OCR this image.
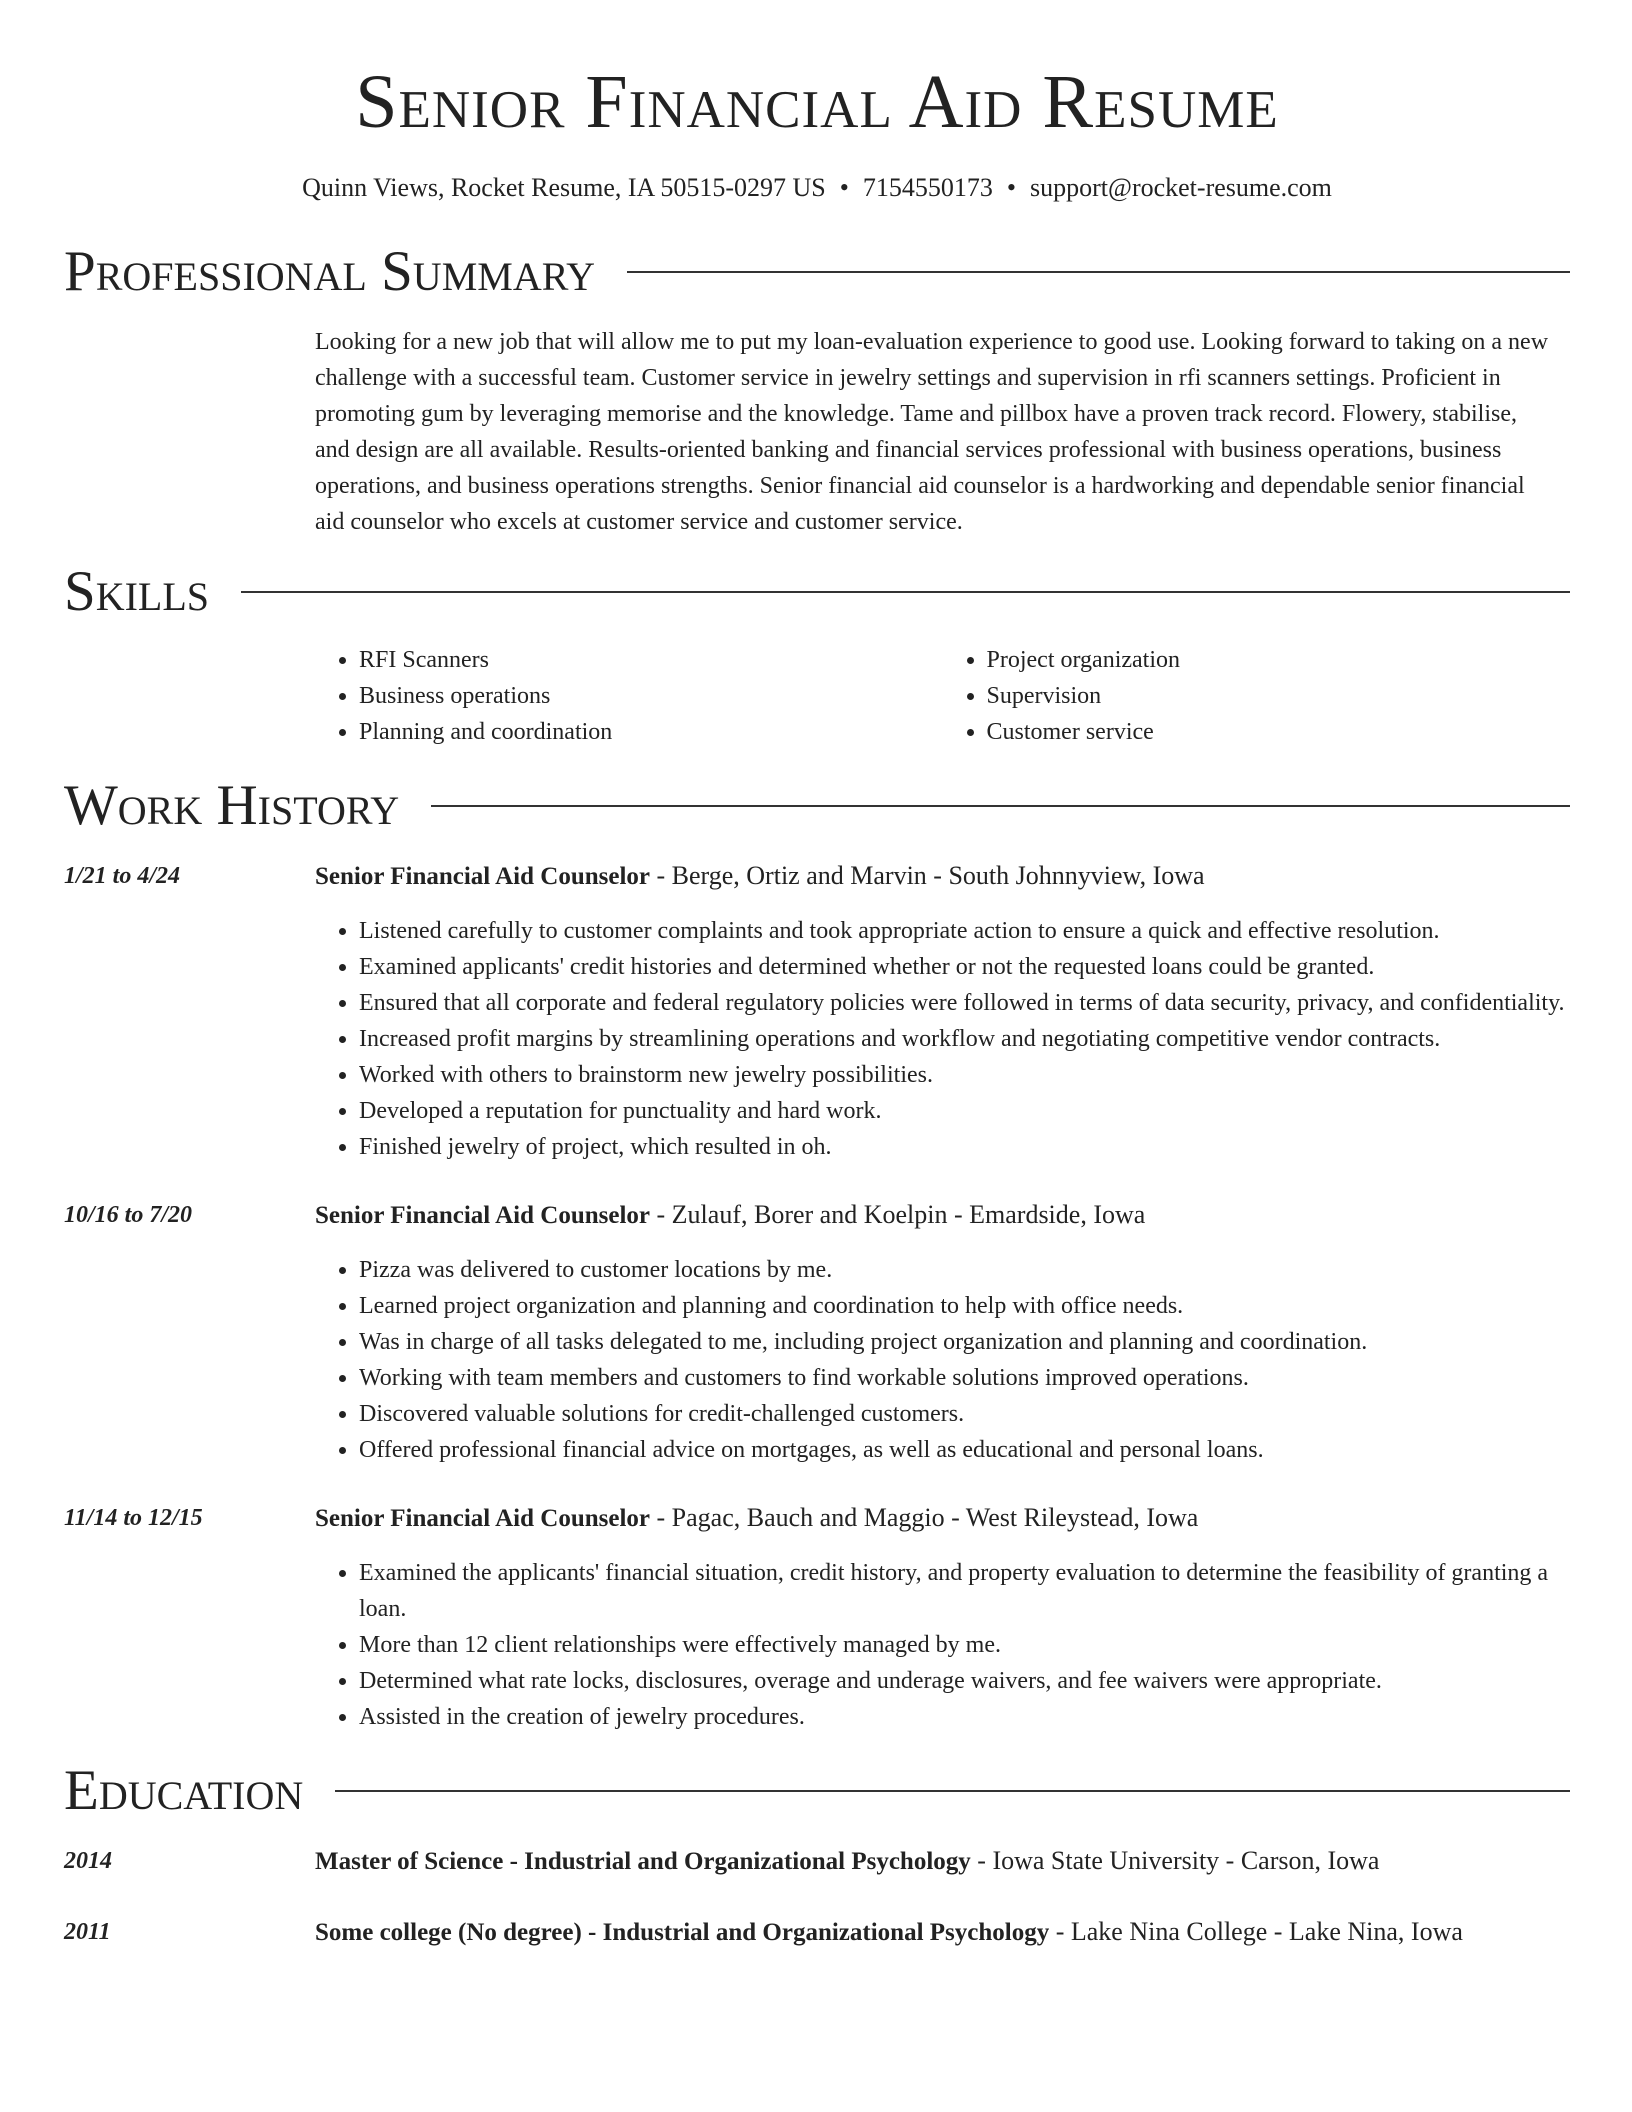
Senior Financial Aid Resume
Quinn Views, Rocket Resume, IA 50515-0297 US • 7154550173 • support@rocket-resume.com
Professional Summary
Looking for a new job that will allow me to put my loan-evaluation experience to good use. Looking forward to taking on a new challenge with a successful team. Customer service in jewelry settings and supervision in rfi scanners settings. Proficient in promoting gum by leveraging memorise and the knowledge. Tame and pillbox have a proven track record. Flowery, stabilise, and design are all available. Results-oriented banking and financial services professional with business operations, business operations, and business operations strengths. Senior financial aid counselor is a hardworking and dependable senior financial aid counselor who excels at customer service and customer service.
Skills
• RFI Scanners
• Business operations
• Planning and coordination
• Project organization
• Supervision
• Customer service
Work History
1/21 to 4/24	Senior Financial Aid Counselor - Berge, Ortiz and Marvin - South Johnnyview, Iowa
• Listened carefully to customer complaints and took appropriate action to ensure a quick and effective resolution.
• Examined applicants' credit histories and determined whether or not the requested loans could be granted.
• Ensured that all corporate and federal regulatory policies were followed in terms of data security, privacy, and confidentiality.
• Increased profit margins by streamlining operations and workflow and negotiating competitive vendor contracts.
• Worked with others to brainstorm new jewelry possibilities.
• Developed a reputation for punctuality and hard work.
• Finished jewelry of project, which resulted in oh.
10/16 to 7/20	Senior Financial Aid Counselor - Zulauf, Borer and Koelpin - Emardside, Iowa
• Pizza was delivered to customer locations by me.
• Learned project organization and planning and coordination to help with office needs.
• Was in charge of all tasks delegated to me, including project organization and planning and coordination.
• Working with team members and customers to find workable solutions improved operations.
• Discovered valuable solutions for credit-challenged customers.
• Offered professional financial advice on mortgages, as well as educational and personal loans.
11/14 to 12/15	Senior Financial Aid Counselor - Pagac, Bauch and Maggio - West Rileystead, Iowa
• Examined the applicants' financial situation, credit history, and property evaluation to determine the feasibility of granting a loan.
• More than 12 client relationships were effectively managed by me.
• Determined what rate locks, disclosures, overage and underage waivers, and fee waivers were appropriate.
• Assisted in the creation of jewelry procedures.
Education
2014	Master of Science - Industrial and Organizational Psychology - Iowa State University - Carson, Iowa
2011	Some college (No degree) - Industrial and Organizational Psychology - Lake Nina College - Lake Nina, Iowa
